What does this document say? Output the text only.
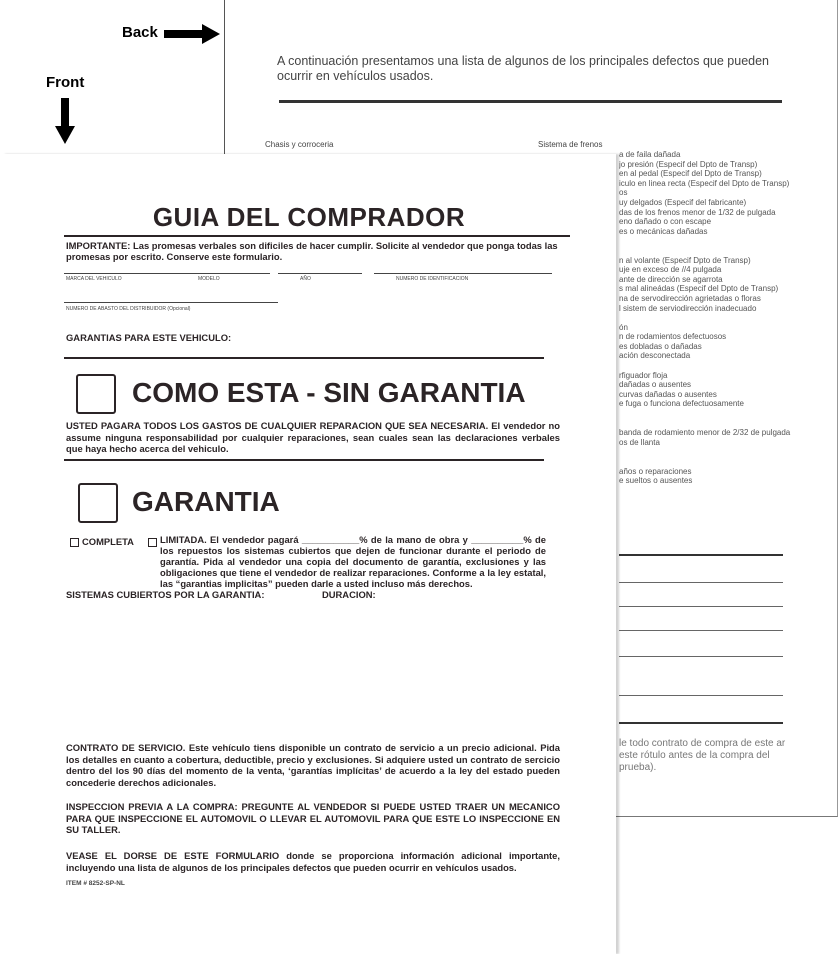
Back
Front
A continuación presentamos una lista de algunos de los principales defectos que pueden ocurrir en vehículos usados.
Chasis y corroceria	Sistema de frenos
a de faila dañada
jo presión (Especif del Dpto de Transp)
en al pedal (Especif del Dpto de Transp)
iculo en linea recta (Especif del Dpto de Transp)
os
uy delgados (Especif del fabricante)
das de los frenos menor de 1/32 de pulgada
eno dañado o con escape
es o mecánicas dañadas
n al volante (Especif Dpto de Transp)
uje en exceso de //4 pulgada
ante de dirección se agarrota
s mal alineádas (Especif del Dpto de Transp)
na de servodirección agrietadas o floras
l sistem de serviodirección inadecuado
ón
n de rodamientos defectuosos
es dobladas o dañadas
ación desconectada
rfiguador floja
dañadas o ausentes
curvas dañadas o ausentes
e fuga o funciona defectuosamente
banda de rodamiento menor de 2/32 de pulgada
os de llanta
años o reparaciones
e sueltos o ausentes
le todo contrato de compra de este ar este rótulo antes de la compra del prueba).
GUIA DEL COMPRADOR
IMPORTANTE: Las promesas verbales son dificiles de hacer cumplir. Solicite al vendedor que ponga todas las promesas por escrito. Conserve este formulario.
MARCA DEL VEHICULO	MODELO	AÑO	NUMERO DE IDENTIFICACION
NUMERO DE ABASTO DEL DISTRIBUIDOR (Opcional)
GARANTIAS PARA ESTE VEHICULO:
COMO ESTA - SIN GARANTIA
USTED PAGARA TODOS LOS GASTOS DE CUALQUIER REPARACION QUE SEA NECESARIA. El vendedor no assume ninguna responsabilidad por cualquier reparaciones, sean cuales sean las declaraciones verbales que haya hecho acerca del vehiculo.
GARANTIA
COMPLETA	LIMITADA. El vendedor pagará ___________% de la mano de obra y __________% de los repuestos los sistemas cubiertos que dejen de funcionar durante el periodo de garantía. Pida al vendedor una copia del documento de garantía, exclusiones y las obligaciones que tiene el vendedor de realizar reparaciones. Conforme a la ley estatal, las “garantias implicitas” pueden darle a usted incluso más derechos.
SISTEMAS CUBIERTOS POR LA GARANTIA:	DURACION:
CONTRATO DE SERVICIO. Este vehículo tiens disponible un contrato de servicio a un precio adicional. Pida los detalles en cuanto a cobertura, deductible, precio y exclusiones. Si adquiere usted un contrato de sercicio dentro del los 90 días del momento de la venta, ‘garantías implícitas’ de acuerdo a la ley del estado pueden concederie derechos adicionales.
INSPECCION PREVIA A LA COMPRA: PREGUNTE AL VENDEDOR SI PUEDE USTED TRAER UN MECANICO PARA QUE INSPECCIONE EL AUTOMOVIL O LLEVAR EL AUTOMOVIL PARA QUE ESTE LO INSPECCIONE EN SU TALLER.
VEASE EL DORSE DE ESTE FORMULARIO donde se proporciona información adicional importante, incluyendo una lista de algunos de los principales defectos que pueden ocurrir en vehículos usados.
ITEM # 8252-SP-NL
